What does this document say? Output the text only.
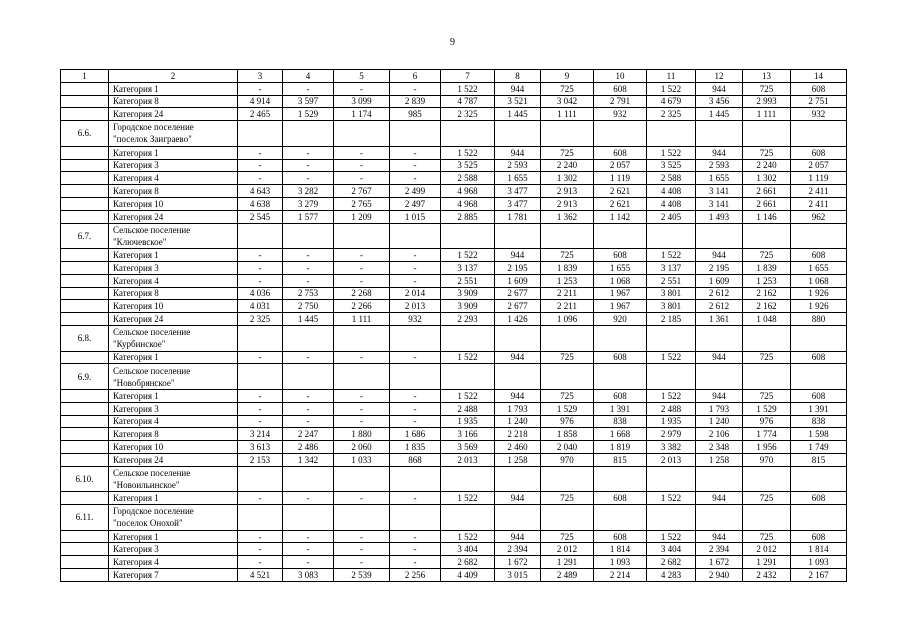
9
1	2	3	4	5	6	7	8	9	10	11	12	13	14
	Категория 1	-	-	-	-	1 522	944	725	608	1 522	944	725	608
	Категория 8	4 914	3 597	3 099	2 839	4 787	3 521	3 042	2 791	4 679	3 456	2 993	2 751
	Категория 24	2 465	1 529	1 174	985	2 325	1 445	1 111	932	2 325	1 445	1 111	932
6.6.	Городское поселение
"поселок Заиграево"												

	Категория 1	-	-	-	-	1 522	944	725	608	1 522	944	725	608
	Категория 3	-	-	-	-	3 525	2 593	2 240	2 057	3 525	2 593	2 240	2 057
	Категория 4	-	-	-	-	2 588	1 655	1 302	1 119	2 588	1 655	1 302	1 119
	Категория 8	4 643	3 282	2 767	2 499	4 968	3 477	2 913	2 621	4 408	3 141	2 661	2 411
	Категория 10	4 638	3 279	2 765	2 497	4 968	3 477	2 913	2 621	4 408	3 141	2 661	2 411
	Категория 24	2 545	1 577	1 209	1 015	2 885	1 781	1 362	1 142	2 405	1 493	1 146	962
6.7.	Сельское поселение
"Ключевское"												

	Категория 1	-	-	-	-	1 522	944	725	608	1 522	944	725	608
	Категория 3	-	-	-	-	3 137	2 195	1 839	1 655	3 137	2 195	1 839	1 655
	Категория 4	-	-	-	-	2 551	1 609	1 253	1 068	2 551	1 609	1 253	1 068
	Категория 8	4 036	2 753	2 268	2 014	3 909	2 677	2 211	1 967	3 801	2 612	2 162	1 926
	Категория 10	4 031	2 750	2 266	2 013	3 909	2 677	2 211	1 967	3 801	2 612	2 162	1 926
	Категория 24	2 325	1 445	1 111	932	2 293	1 426	1 096	920	2 185	1 361	1 048	880
6.8.	Сельское поселение
"Курбинское"												

	Категория 1	-	-	-	-	1 522	944	725	608	1 522	944	725	608
6.9.	Сельское поселение
"Новобрянское"												

	Категория 1	-	-	-	-	1 522	944	725	608	1 522	944	725	608
	Категория 3	-	-	-	-	2 488	1 793	1 529	1 391	2 488	1 793	1 529	1 391
	Категория 4	-	-	-	-	1 935	1 240	976	838	1 935	1 240	976	838
	Категория 8	3 214	2 247	1 880	1 686	3 166	2 218	1 858	1 668	2 979	2 106	1 774	1 598
	Категория 10	3 613	2 486	2 060	1 835	3 569	2 460	2 040	1 819	3 382	2 348	1 956	1 749
	Категория 24	2 153	1 342	1 033	868	2 013	1 258	970	815	2 013	1 258	970	815
6.10.	Сельское поселение
"Новоильинское"												

	Категория 1	-	-	-	-	1 522	944	725	608	1 522	944	725	608
6.11.	Городское поселение
"поселок Онохой"												

	Категория 1	-	-	-	-	1 522	944	725	608	1 522	944	725	608
	Категория 3	-	-	-	-	3 404	2 394	2 012	1 814	3 404	2 394	2 012	1 814
	Категория 4	-	-	-	-	2 682	1 672	1 291	1 093	2 682	1 672	1 291	1 093
	Категория 7	4 521	3 083	2 539	2 256	4 409	3 015	2 489	2 214	4 283	2 940	2 432	2 167
